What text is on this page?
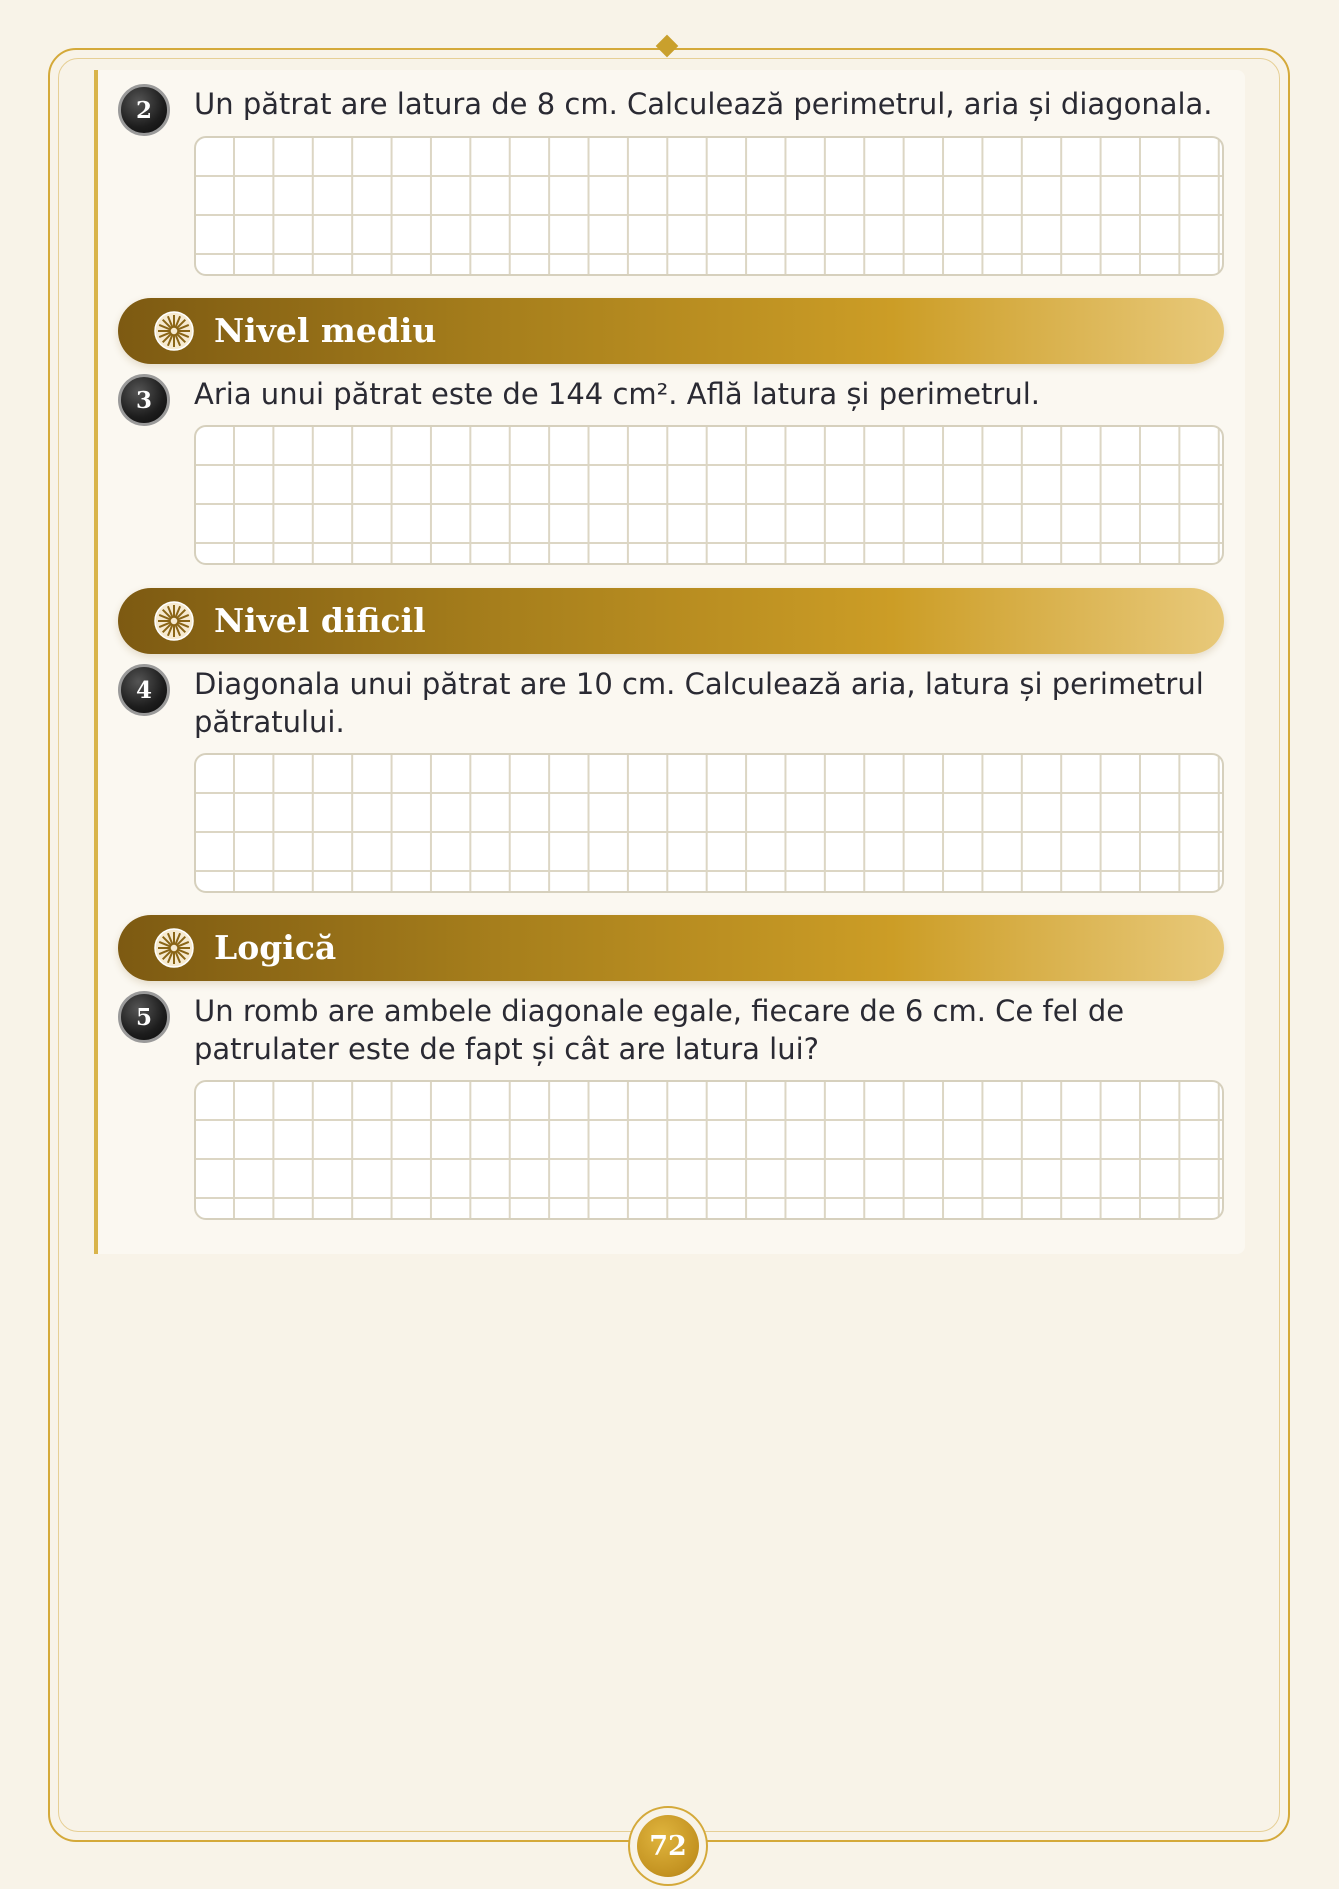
2	Un pătrat are latura de 8 cm. Calculează perimetrul, aria și diagonala.
Nivel mediu
3	Aria unui pătrat este de 144 cm². Află latura și perimetrul.
Nivel dificil
4	Diagonala unui pătrat are 10 cm. Calculează aria, latura și perimetrul pătratului.
Logică
5	Un romb are ambele diagonale egale, fiecare de 6 cm. Ce fel de patrulater este de fapt și cât are latura lui?
72
